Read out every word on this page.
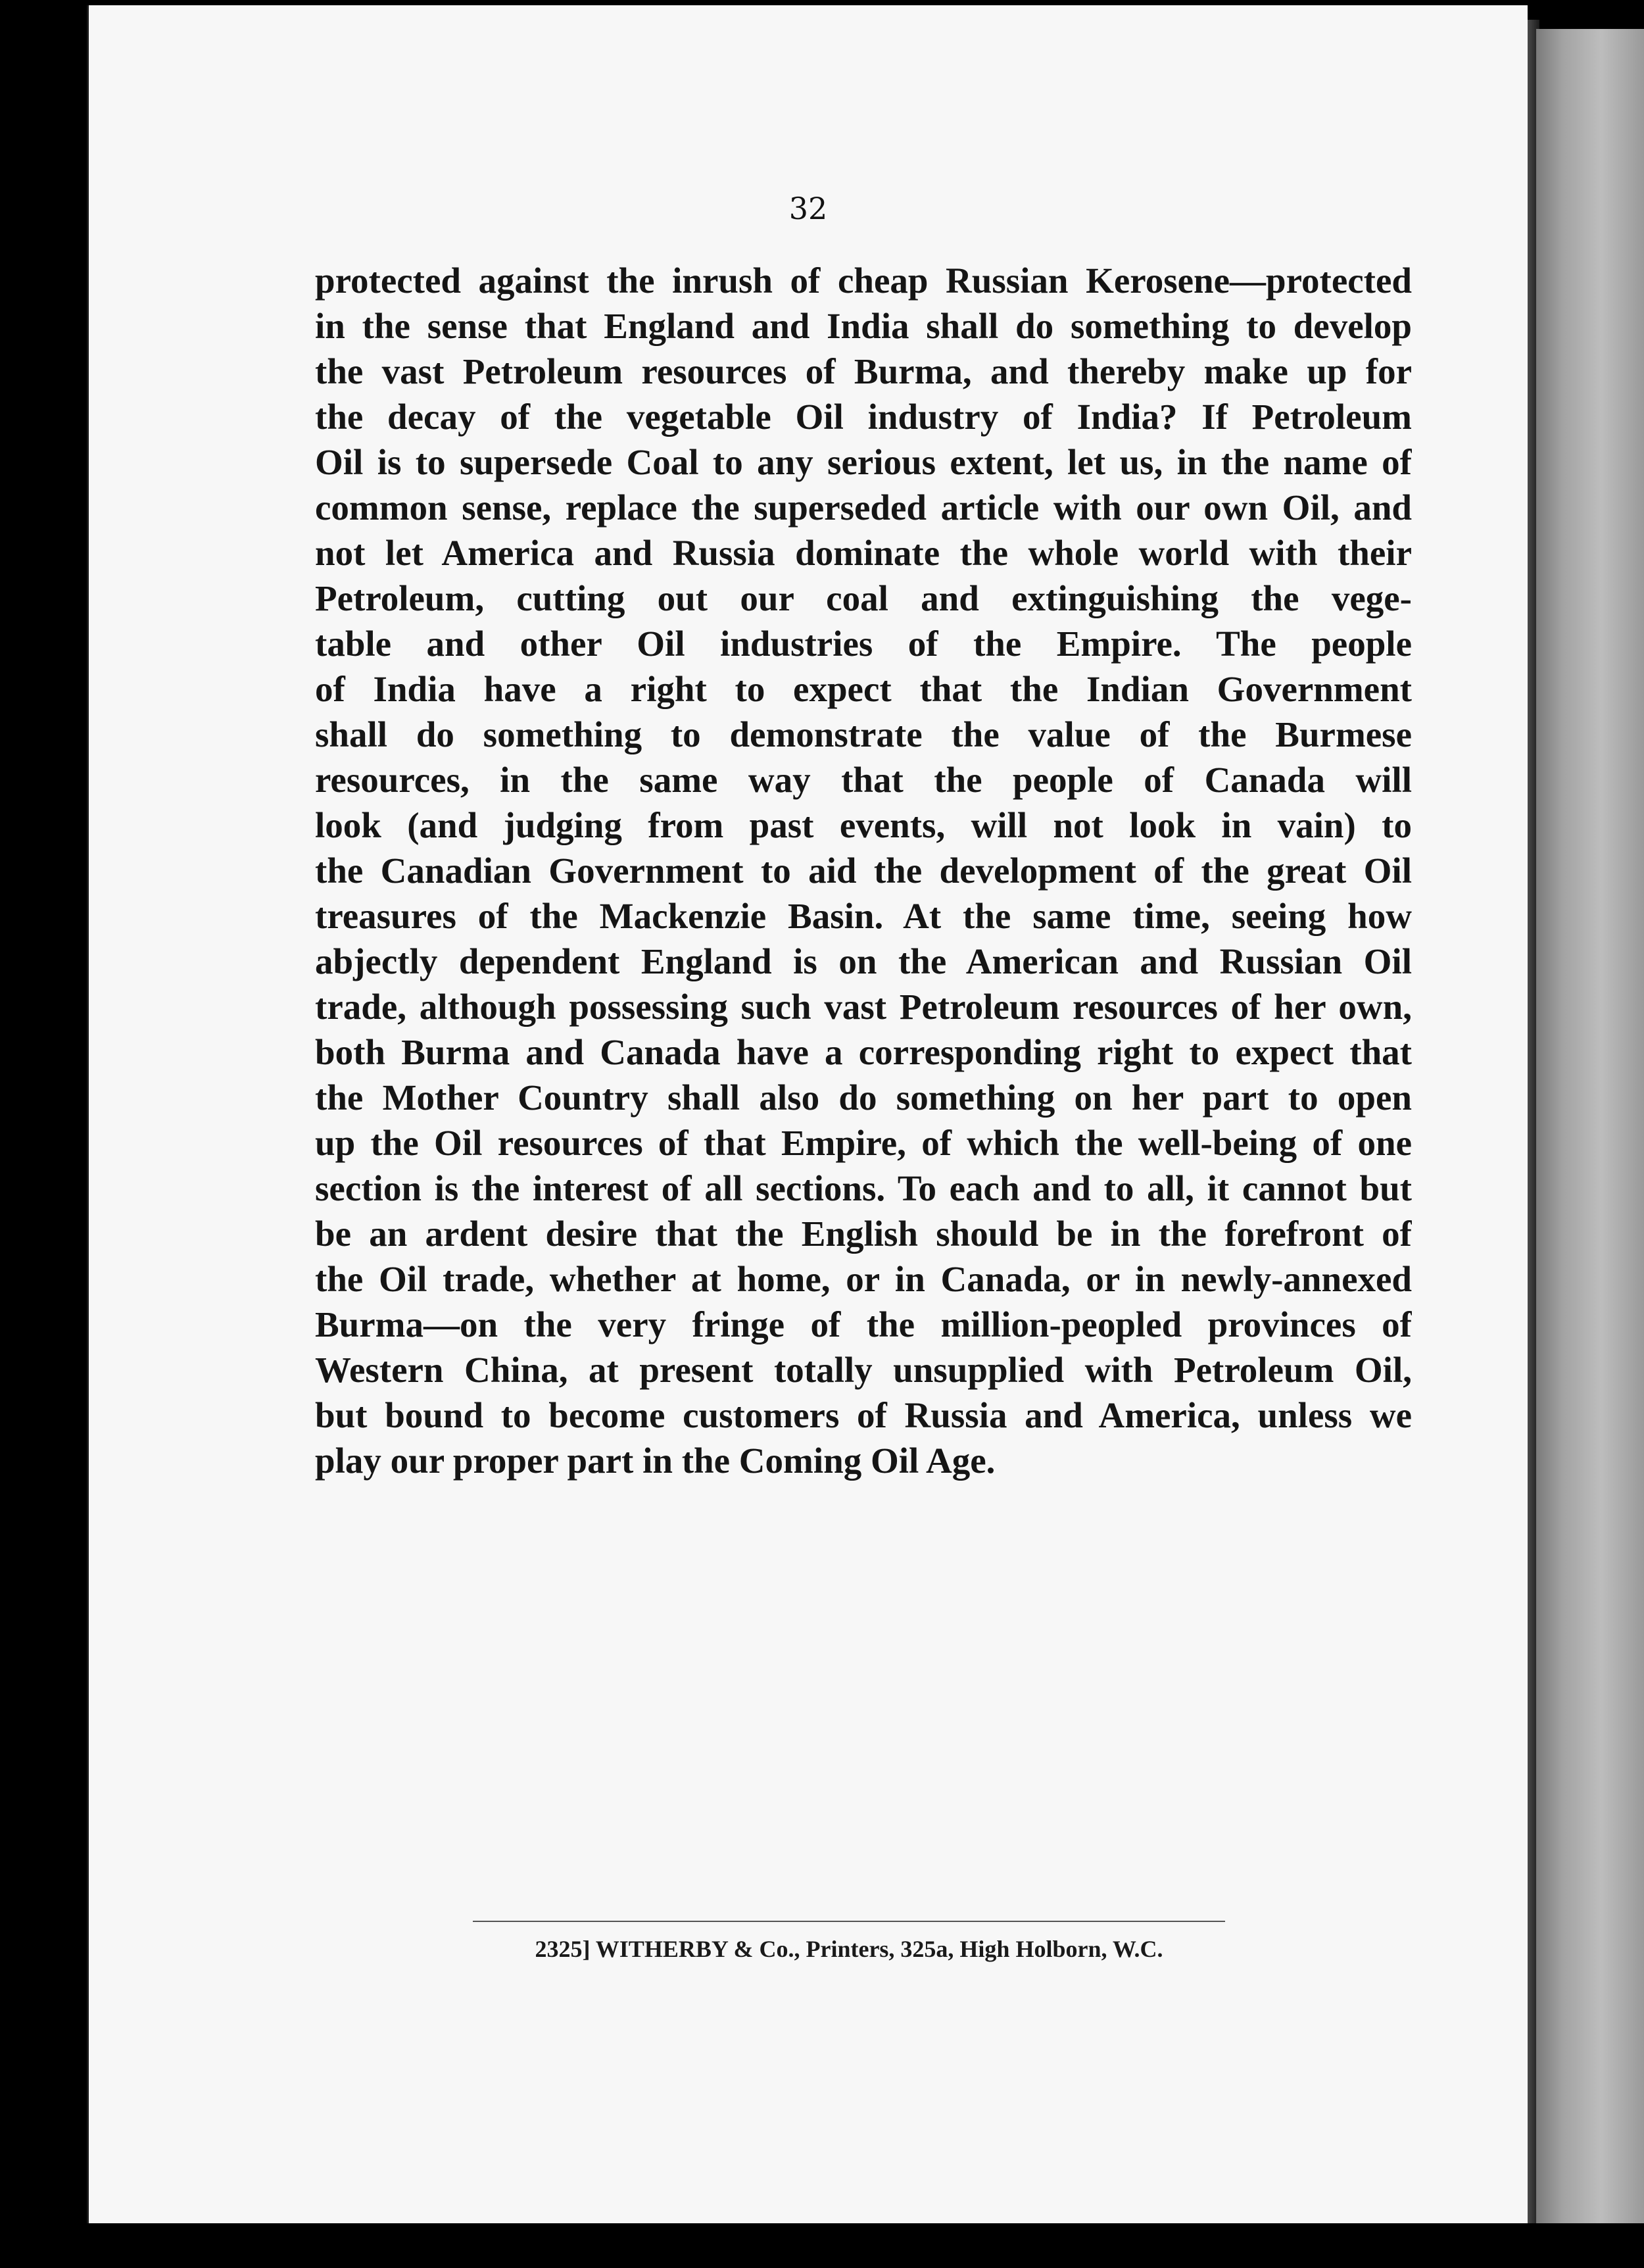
32

protected against the inrush of cheap Russian Kerosene—protected
in the sense that England and India shall do something to develop
the vast Petroleum resources of Burma, and thereby make up for
the decay of the vegetable Oil industry of India? If Petroleum
Oil is to supersede Coal to any serious extent, let us, in the name of
common sense, replace the superseded article with our own Oil, and
not let America and Russia dominate the whole world with their
Petroleum, cutting out our coal and extinguishing the vege-
table and other Oil industries of the Empire. The people
of India have a right to expect that the Indian Government
shall do something to demonstrate the value of the Burmese
resources, in the same way that the people of Canada will
look (and judging from past events, will not look in vain) to
the Canadian Government to aid the development of the great Oil
treasures of the Mackenzie Basin. At the same time, seeing how
abjectly dependent England is on the American and Russian Oil
trade, although possessing such vast Petroleum resources of her own,
both Burma and Canada have a corresponding right to expect that
the Mother Country shall also do something on her part to open
up the Oil resources of that Empire, of which the well-being of one
section is the interest of all sections. To each and to all, it cannot but
be an ardent desire that the English should be in the forefront of
the Oil trade, whether at home, or in Canada, or in newly-annexed
Burma—on the very fringe of the million-peopled provinces of
Western China, at present totally unsupplied with Petroleum Oil,
but bound to become customers of Russia and America, unless we
play our proper part in the Coming Oil Age.

2325] WITHERBY & Co., Printers, 325a, High Holborn, W.C.
